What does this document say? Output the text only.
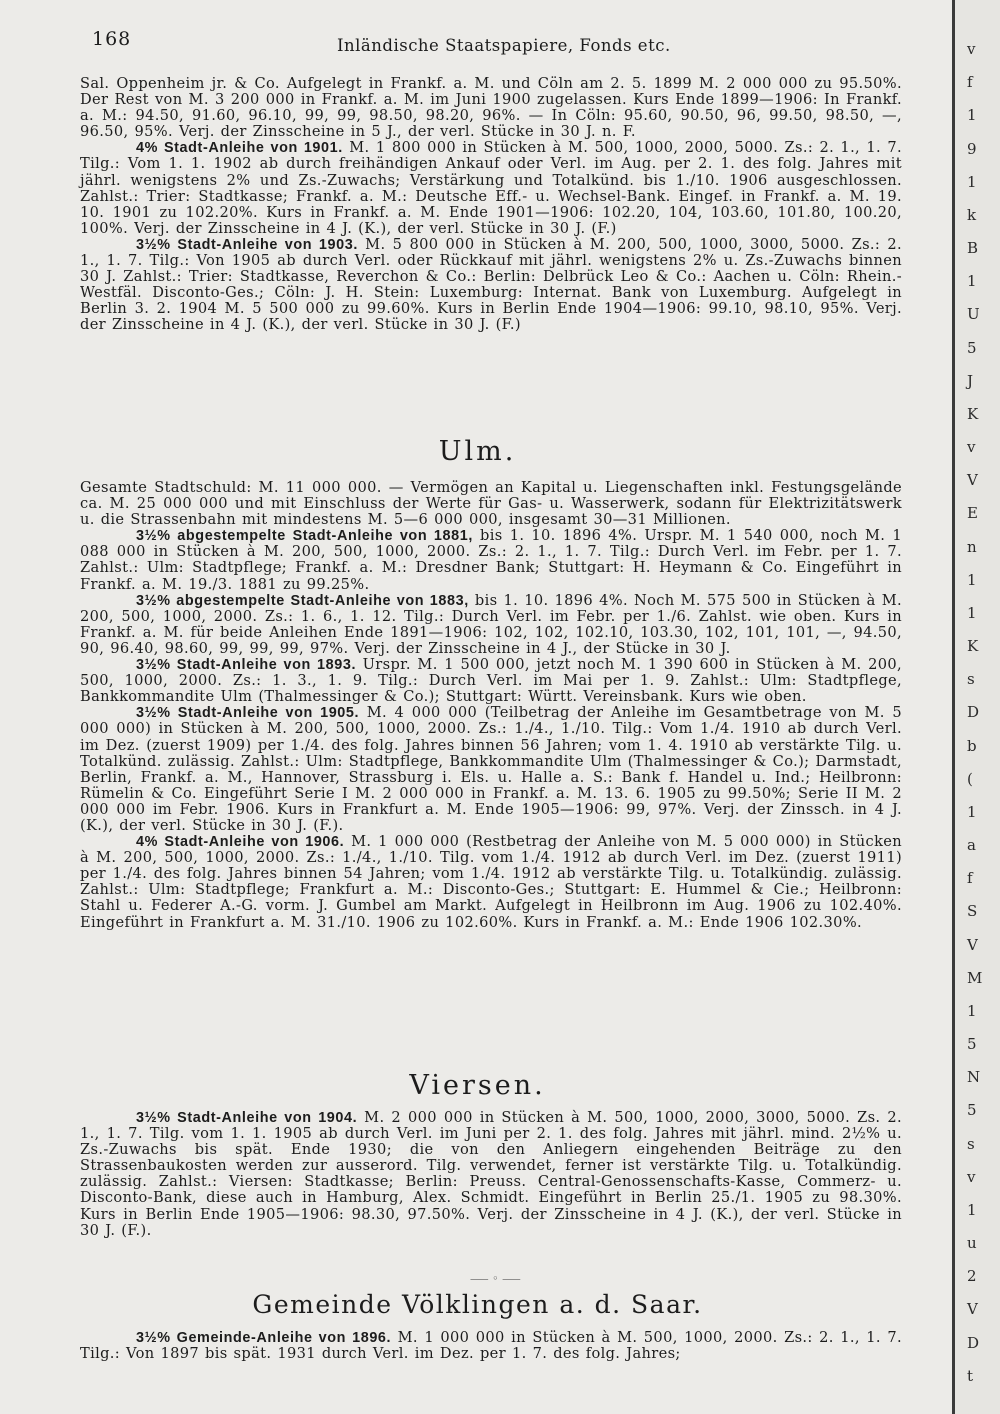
168	Inländische Staatspapiere, Fonds etc.

Sal. Oppenheim jr. & Co. Aufgelegt in Frankf. a. M. und Cöln am 2. 5. 1899 M. 2 000 000 zu 95.50%. Der Rest von M. 3 200 000 in Frankf. a. M. im Juni 1900 zugelassen. Kurs Ende 1899—1906: In Frankf. a. M.: 94.50, 91.60, 96.10, 99, 99, 98.50, 98.20, 96%. — In Cöln: 95.60, 90.50, 96, 99.50, 98.50, —, 96.50, 95%. Verj. der Zinsscheine in 5 J., der verl. Stücke in 30 J. n. F.

4% Stadt-Anleihe von 1901. M. 1 800 000 in Stücken à M. 500, 1000, 2000, 5000. Zs.: 2. 1., 1. 7. Tilg.: Vom 1. 1. 1902 ab durch freihändigen Ankauf oder Verl. im Aug. per 2. 1. des folg. Jahres mit jährl. wenigstens 2% und Zs.-Zuwachs; Verstärkung und Totalkünd. bis 1./10. 1906 ausgeschlossen. Zahlst.: Trier: Stadtkasse; Frankf. a. M.: Deutsche Eff.- u. Wechsel-Bank. Eingef. in Frankf. a. M. 19. 10. 1901 zu 102.20%. Kurs in Frankf. a. M. Ende 1901—1906: 102.20, 104, 103.60, 101.80, 100.20, 100%. Verj. der Zinsscheine in 4 J. (K.), der verl. Stücke in 30 J. (F.)

3½% Stadt-Anleihe von 1903. M. 5 800 000 in Stücken à M. 200, 500, 1000, 3000, 5000. Zs.: 2. 1., 1. 7. Tilg.: Von 1905 ab durch Verl. oder Rückkauf mit jährl. wenigstens 2% u. Zs.-Zuwachs binnen 30 J. Zahlst.: Trier: Stadtkasse, Reverchon & Co.: Berlin: Delbrück Leo & Co.: Aachen u. Cöln: Rhein.-Westfäl. Disconto-Ges.; Cöln: J. H. Stein: Luxemburg: Internat. Bank von Luxemburg. Aufgelegt in Berlin 3. 2. 1904 M. 5 500 000 zu 99.60%. Kurs in Berlin Ende 1904—1906: 99.10, 98.10, 95%. Verj. der Zinsscheine in 4 J. (K.), der verl. Stücke in 30 J. (F.)

Ulm.

Gesamte Stadtschuld: M. 11 000 000. — Vermögen an Kapital u. Liegenschaften inkl. Festungsgelände ca. M. 25 000 000 und mit Einschluss der Werte für Gas- u. Wasserwerk, sodann für Elektrizitätswerk u. die Strassenbahn mit mindestens M. 5—6 000 000, insgesamt 30—31 Millionen.

3½% abgestempelte Stadt-Anleihe von 1881, bis 1. 10. 1896 4%. Urspr. M. 1 540 000, noch M. 1 088 000 in Stücken à M. 200, 500, 1000, 2000. Zs.: 2. 1., 1. 7. Tilg.: Durch Verl. im Febr. per 1. 7. Zahlst.: Ulm: Stadtpflege; Frankf. a. M.: Dresdner Bank; Stuttgart: H. Heymann & Co. Eingeführt in Frankf. a. M. 19./3. 1881 zu 99.25%.

3½% abgestempelte Stadt-Anleihe von 1883, bis 1. 10. 1896 4%. Noch M. 575 500 in Stücken à M. 200, 500, 1000, 2000. Zs.: 1. 6., 1. 12. Tilg.: Durch Verl. im Febr. per 1./6. Zahlst. wie oben. Kurs in Frankf. a. M. für beide Anleihen Ende 1891—1906: 102, 102, 102.10, 103.30, 102, 101, 101, —, 94.50, 90, 96.40, 98.60, 99, 99, 99, 97%. Verj. der Zinsscheine in 4 J., der Stücke in 30 J.

3½% Stadt-Anleihe von 1893. Urspr. M. 1 500 000, jetzt noch M. 1 390 600 in Stücken à M. 200, 500, 1000, 2000. Zs.: 1. 3., 1. 9. Tilg.: Durch Verl. im Mai per 1. 9. Zahlst.: Ulm: Stadtpflege, Bankkommandite Ulm (Thalmessinger & Co.); Stuttgart: Württ. Vereinsbank. Kurs wie oben.

3½% Stadt-Anleihe von 1905. M. 4 000 000 (Teilbetrag der Anleihe im Gesamtbetrage von M. 5 000 000) in Stücken à M. 200, 500, 1000, 2000. Zs.: 1./4., 1./10. Tilg.: Vom 1./4. 1910 ab durch Verl. im Dez. (zuerst 1909) per 1./4. des folg. Jahres binnen 56 Jahren; vom 1. 4. 1910 ab verstärkte Tilg. u. Totalkünd. zulässig. Zahlst.: Ulm: Stadtpflege, Bankkommandite Ulm (Thalmessinger & Co.); Darmstadt, Berlin, Frankf. a. M., Hannover, Strassburg i. Els. u. Halle a. S.: Bank f. Handel u. Ind.; Heilbronn: Rümelin & Co. Eingeführt Serie I M. 2 000 000 in Frankf. a. M. 13. 6. 1905 zu 99.50%; Serie II M. 2 000 000 im Febr. 1906. Kurs in Frankfurt a. M. Ende 1905—1906: 99, 97%. Verj. der Zinssch. in 4 J. (K.), der verl. Stücke in 30 J. (F.).

4% Stadt-Anleihe von 1906. M. 1 000 000 (Restbetrag der Anleihe von M. 5 000 000) in Stücken à M. 200, 500, 1000, 2000. Zs.: 1./4., 1./10. Tilg. vom 1./4. 1912 ab durch Verl. im Dez. (zuerst 1911) per 1./4. des folg. Jahres binnen 54 Jahren; vom 1./4. 1912 ab verstärkte Tilg. u. Totalkündig. zulässig. Zahlst.: Ulm: Stadtpflege; Frankfurt a. M.: Disconto-Ges.; Stuttgart: E. Hummel & Cie.; Heilbronn: Stahl u. Federer A.-G. vorm. J. Gumbel am Markt. Aufgelegt in Heilbronn im Aug. 1906 zu 102.40%. Eingeführt in Frankfurt a. M. 31./10. 1906 zu 102.60%. Kurs in Frankf. a. M.: Ende 1906 102.30%.

Viersen.

3½% Stadt-Anleihe von 1904. M. 2 000 000 in Stücken à M. 500, 1000, 2000, 3000, 5000. Zs. 2. 1., 1. 7. Tilg. vom 1. 1. 1905 ab durch Verl. im Juni per 2. 1. des folg. Jahres mit jährl. mind. 2½% u. Zs.-Zuwachs bis spät. Ende 1930; die von den Anliegern eingehenden Beiträge zu den Strassenbaukosten werden zur ausserord. Tilg. verwendet, ferner ist verstärkte Tilg. u. Totalkündig. zulässig. Zahlst.: Viersen: Stadtkasse; Berlin: Preuss. Central-Genossenschafts-Kasse, Commerz- u. Disconto-Bank, diese auch in Hamburg, Alex. Schmidt. Eingeführt in Berlin 25./1. 1905 zu 98.30%. Kurs in Berlin Ende 1905—1906: 98.30, 97.50%. Verj. der Zinsscheine in 4 J. (K.), der verl. Stücke in 30 J. (F.).

⸺ ◦ ⸺
Gemeinde Völklingen a. d. Saar.

3½% Gemeinde-Anleihe von 1896. M. 1 000 000 in Stücken à M. 500, 1000, 2000. Zs.: 2. 1., 1. 7. Tilg.: Von 1897 bis spät. 1931 durch Verl. im Dez. per 1. 7. des folg. Jahres;

v
f
1
9
1
k
B
1
U
5
J
K
v
V
E
n
1
1
K
s
D
b
(
1
a
f
S
V
M
1
5
N
5
s
v
1
u
2
V
D
t
